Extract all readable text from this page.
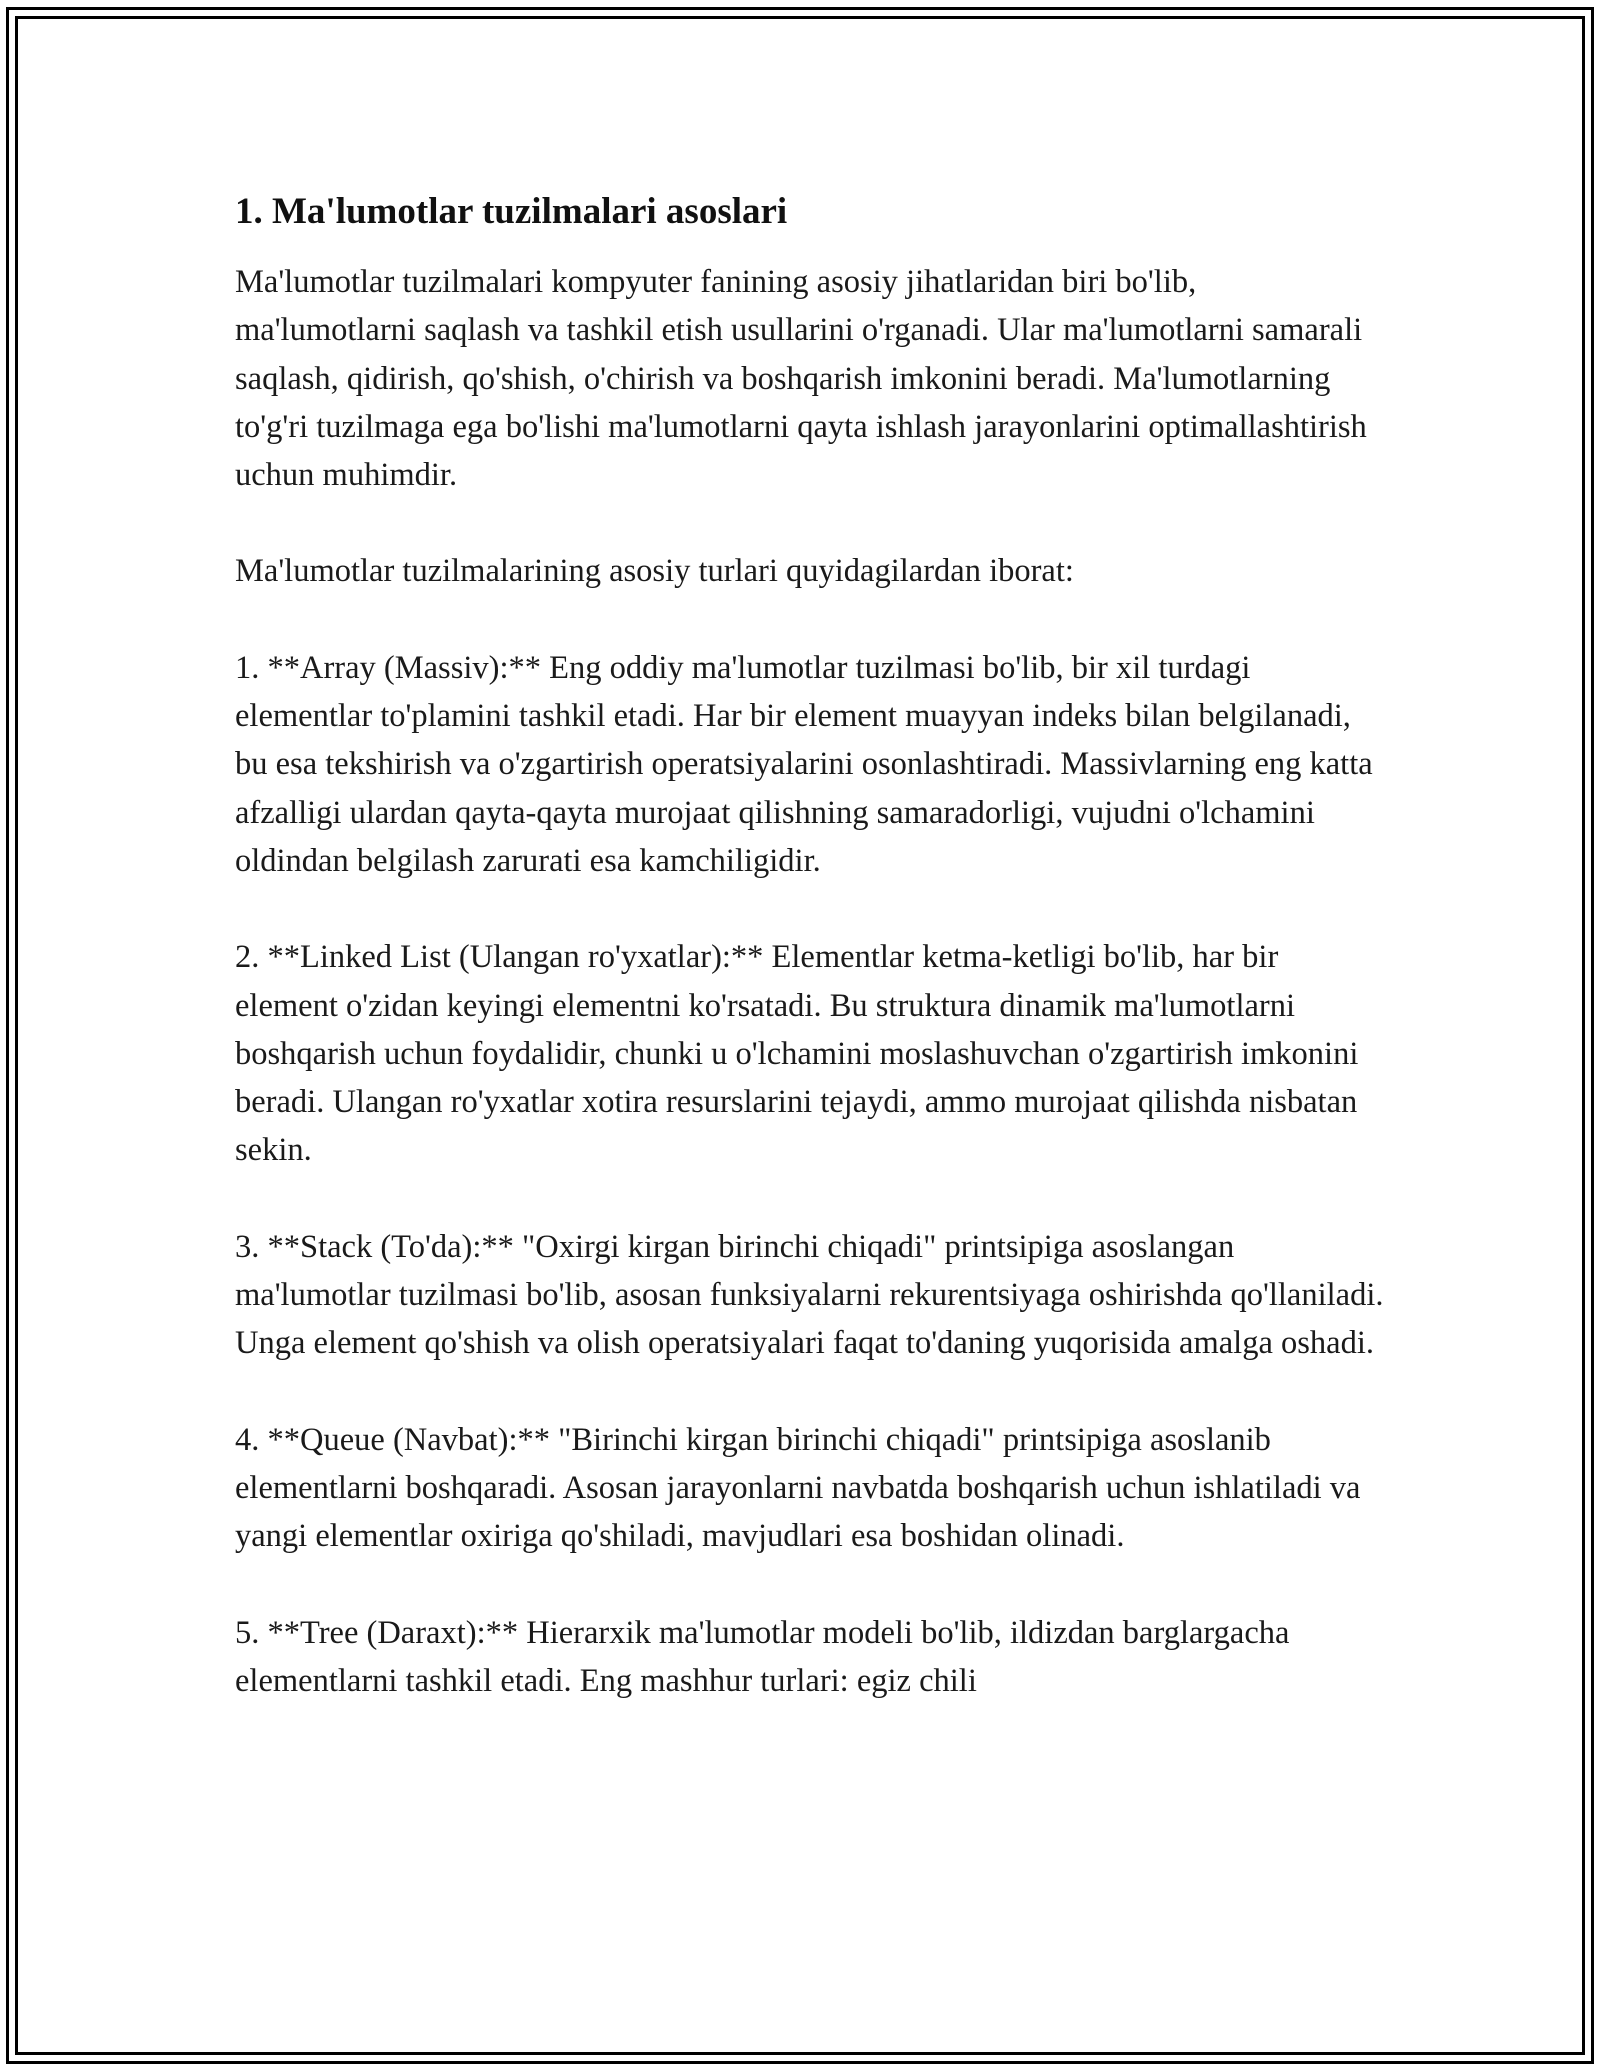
1. Ma'lumotlar tuzilmalari asoslari

Ma'lumotlar tuzilmalari kompyuter fanining asosiy jihatlaridan biri bo'lib, ma'lumotlarni saqlash va tashkil etish usullarini o'rganadi. Ular ma'lumotlarni samarali saqlash, qidirish, qo'shish, o'chirish va boshqarish imkonini beradi. Ma'lumotlarning to'g'ri tuzilmaga ega bo'lishi ma'lumotlarni qayta ishlash jarayonlarini optimallashtirish uchun muhimdir.

Ma'lumotlar tuzilmalarining asosiy turlari quyidagilardan iborat:

1. **Array (Massiv):** Eng oddiy ma'lumotlar tuzilmasi bo'lib, bir xil turdagi elementlar to'plamini tashkil etadi. Har bir element muayyan indeks bilan belgilanadi, bu esa tekshirish va o'zgartirish operatsiyalarini osonlashtiradi. Massivlarning eng katta afzalligi ulardan qayta-qayta murojaat qilishning samaradorligi, vujudni o'lchamini oldindan belgilash zarurati esa kamchiligidir.

2. **Linked List (Ulangan ro'yxatlar):** Elementlar ketma-ketligi bo'lib, har bir element o'zidan keyingi elementni ko'rsatadi. Bu struktura dinamik ma'lumotlarni boshqarish uchun foydalidir, chunki u o'lchamini moslashuvchan o'zgartirish imkonini beradi. Ulangan ro'yxatlar xotira resurslarini tejaydi, ammo murojaat qilishda nisbatan sekin.

3. **Stack (To'da):** "Oxirgi kirgan birinchi chiqadi" printsipiga asoslangan ma'lumotlar tuzilmasi bo'lib, asosan funksiyalarni rekurentsiyaga oshirishda qo'llaniladi. Unga element qo'shish va olish operatsiyalari faqat to'daning yuqorisida amalga oshadi.

4. **Queue (Navbat):** "Birinchi kirgan birinchi chiqadi" printsipiga asoslanib elementlarni boshqaradi. Asosan jarayonlarni navbatda boshqarish uchun ishlatiladi va yangi elementlar oxiriga qo'shiladi, mavjudlari esa boshidan olinadi.

5. **Tree (Daraxt):** Hierarxik ma'lumotlar modeli bo'lib, ildizdan barglargacha elementlarni tashkil etadi. Eng mashhur turlari: egiz chili
